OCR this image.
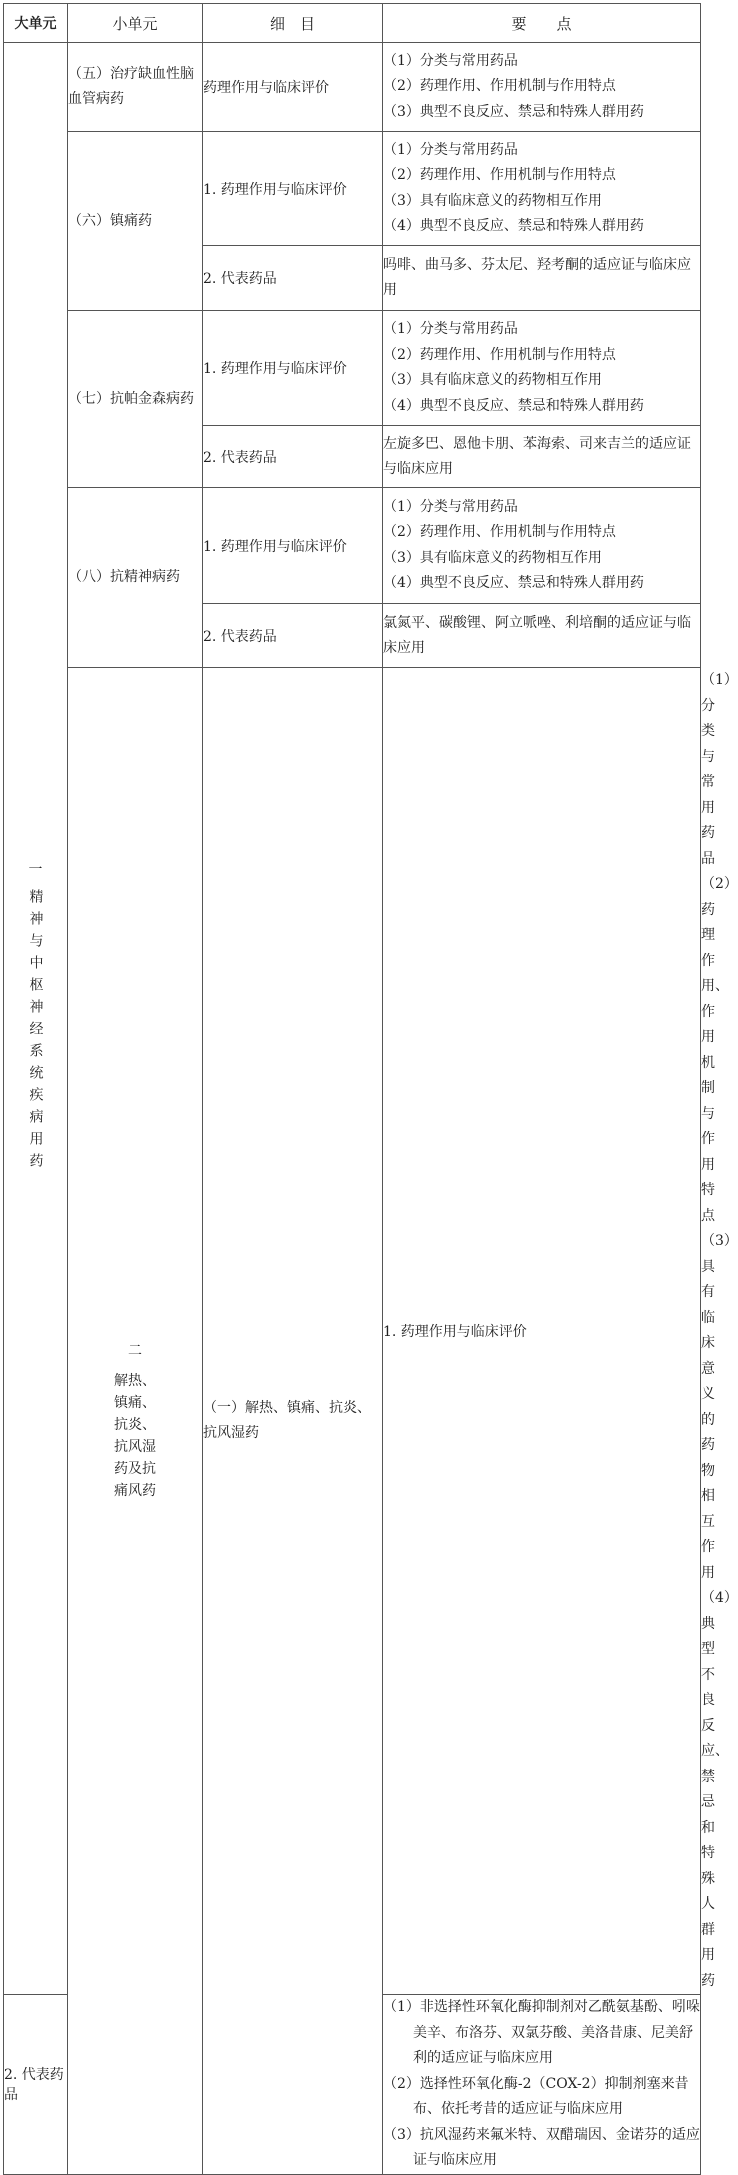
大单元	小单元	细　目	要　　点	

一
精神与中枢神经系统疾病用药	（五）治疗缺血性脑血管病药	药理作用与临床评价	（1）分类与常用药品
（2）药理作用、作用机制与作用特点
（3）典型不良反应、禁忌和特殊人群用药	

	（六）镇痛药	1. 药理作用与临床评价	（1）分类与常用药品
（2）药理作用、作用机制与作用特点
（3）具有临床意义的药物相互作用
（4）典型不良反应、禁忌和特殊人群用药	

		2. 代表药品	吗啡、曲马多、芬太尼、羟考酮的适应证与临床应用	

	（七）抗帕金森病药	1. 药理作用与临床评价	（1）分类与常用药品
（2）药理作用、作用机制与作用特点
（3）具有临床意义的药物相互作用
（4）典型不良反应、禁忌和特殊人群用药	

		2. 代表药品	左旋多巴、恩他卡朋、苯海索、司来吉兰的适应证与临床应用	

	（八）抗精神病药	1. 药理作用与临床评价	（1）分类与常用药品
（2）药理作用、作用机制与作用特点
（3）具有临床意义的药物相互作用
（4）典型不良反应、禁忌和特殊人群用药	

		2. 代表药品	氯氮平、碳酸锂、阿立哌唑、利培酮的适应证与临床应用	

	二
解热、镇痛、抗炎、抗风湿药及抗痛风药	（一）解热、镇痛、抗炎、抗风湿药	1. 药理作用与临床评价	（1）分类与常用药品
（2）药理作用、作用机制与作用特点
（3）具有临床意义的药物相互作用
（4）典型不良反应、禁忌和特殊人群用药

2. 代表药品			（1）非选择性环氧化酶抑制剂对乙酰氨基酚、吲哚美辛、布洛芬、双氯芬酸、美洛昔康、尼美舒利的适应证与临床应用
（2）选择性环氧化酶-2（COX-2）抑制剂塞来昔布、依托考昔的适应证与临床应用
（3）抗风湿药来氟米特、双醋瑞因、金诺芬的适应证与临床应用	
